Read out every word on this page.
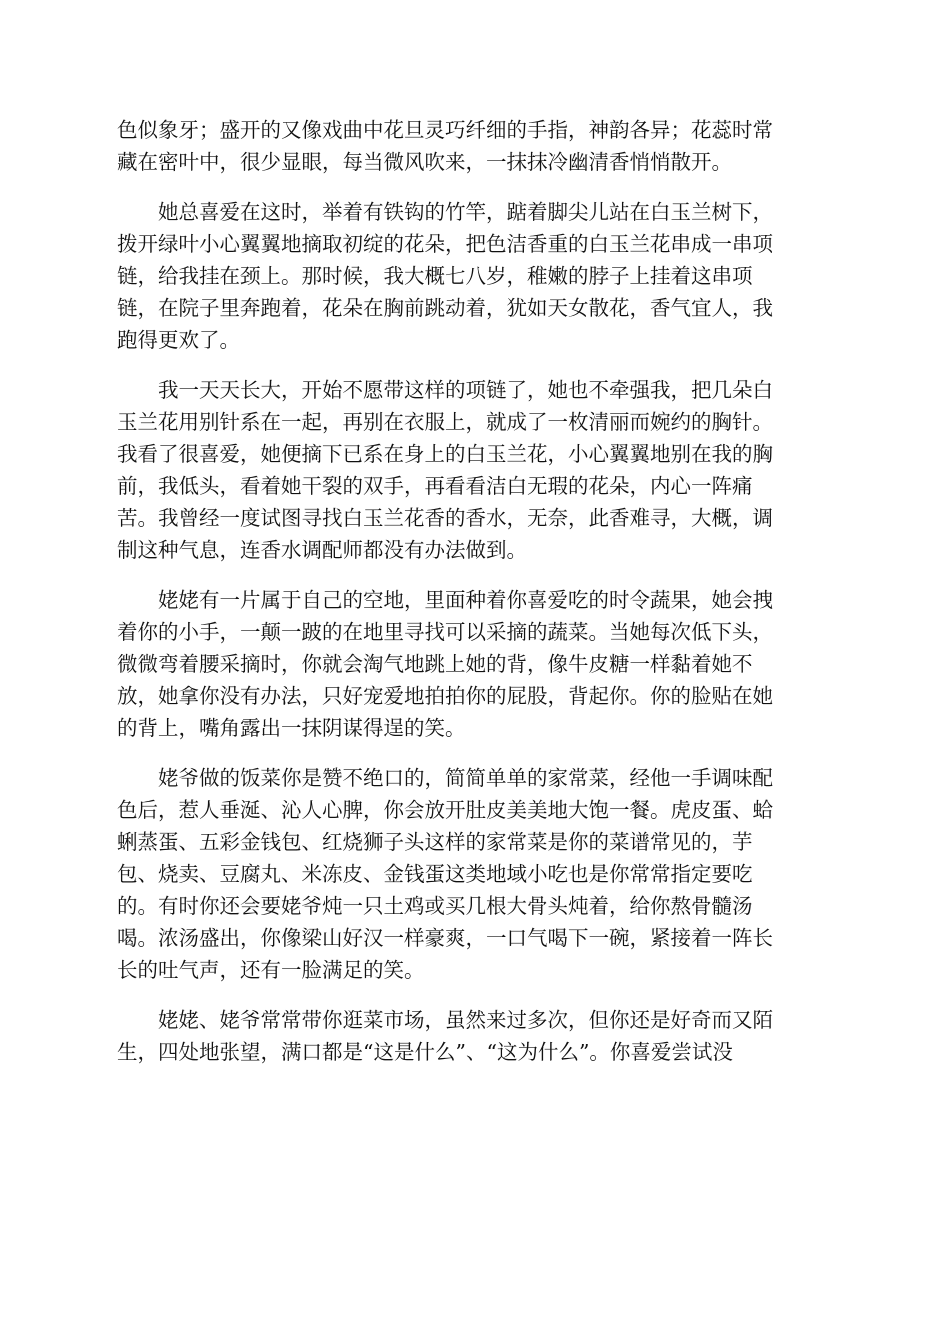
色似象牙；盛开的又像戏曲中花旦灵巧纤细的手指，神韵各异；花蕊时常
藏在密叶中，很少显眼，每当微风吹来，一抹抹冷幽清香悄悄散开。

她总喜爱在这时，举着有铁钩的竹竿，踮着脚尖儿站在白玉兰树下，
拨开绿叶小心翼翼地摘取初绽的花朵，把色洁香重的白玉兰花串成一串项
链，给我挂在颈上。那时候，我大概七八岁，稚嫩的脖子上挂着这串项
链，在院子里奔跑着，花朵在胸前跳动着，犹如天女散花，香气宜人，我
跑得更欢了。

我一天天长大，开始不愿带这样的项链了，她也不牵强我，把几朵白
玉兰花用别针系在一起，再别在衣服上，就成了一枚清丽而婉约的胸针。
我看了很喜爱，她便摘下已系在身上的白玉兰花，小心翼翼地别在我的胸
前，我低头，看着她干裂的双手，再看看洁白无瑕的花朵，内心一阵痛
苦。我曾经一度试图寻找白玉兰花香的香水，无奈，此香难寻，大概，调
制这种气息，连香水调配师都没有办法做到。

姥姥有一片属于自己的空地，里面种着你喜爱吃的时令蔬果，她会拽
着你的小手，一颠一跛的在地里寻找可以采摘的蔬菜。当她每次低下头，
微微弯着腰采摘时，你就会淘气地跳上她的背，像牛皮糖一样黏着她不
放，她拿你没有办法，只好宠爱地拍拍你的屁股，背起你。你的脸贴在她
的背上，嘴角露出一抹阴谋得逞的笑。

姥爷做的饭菜你是赞不绝口的，简简单单的家常菜，经他一手调味配
色后，惹人垂涎、沁人心脾，你会放开肚皮美美地大饱一餐。虎皮蛋、蛤
蜊蒸蛋、五彩金钱包、红烧狮子头这样的家常菜是你的菜谱常见的，芋
包、烧卖、豆腐丸、米冻皮、金钱蛋这类地域小吃也是你常常指定要吃
的。有时你还会要姥爷炖一只土鸡或买几根大骨头炖着，给你熬骨髓汤
喝。浓汤盛出，你像梁山好汉一样豪爽，一口气喝下一碗，紧接着一阵长
长的吐气声，还有一脸满足的笑。

姥姥、姥爷常常带你逛菜市场，虽然来过多次，但你还是好奇而又陌
生，四处地张望，满口都是“这是什么”、“这为什么”。你喜爱尝试没
